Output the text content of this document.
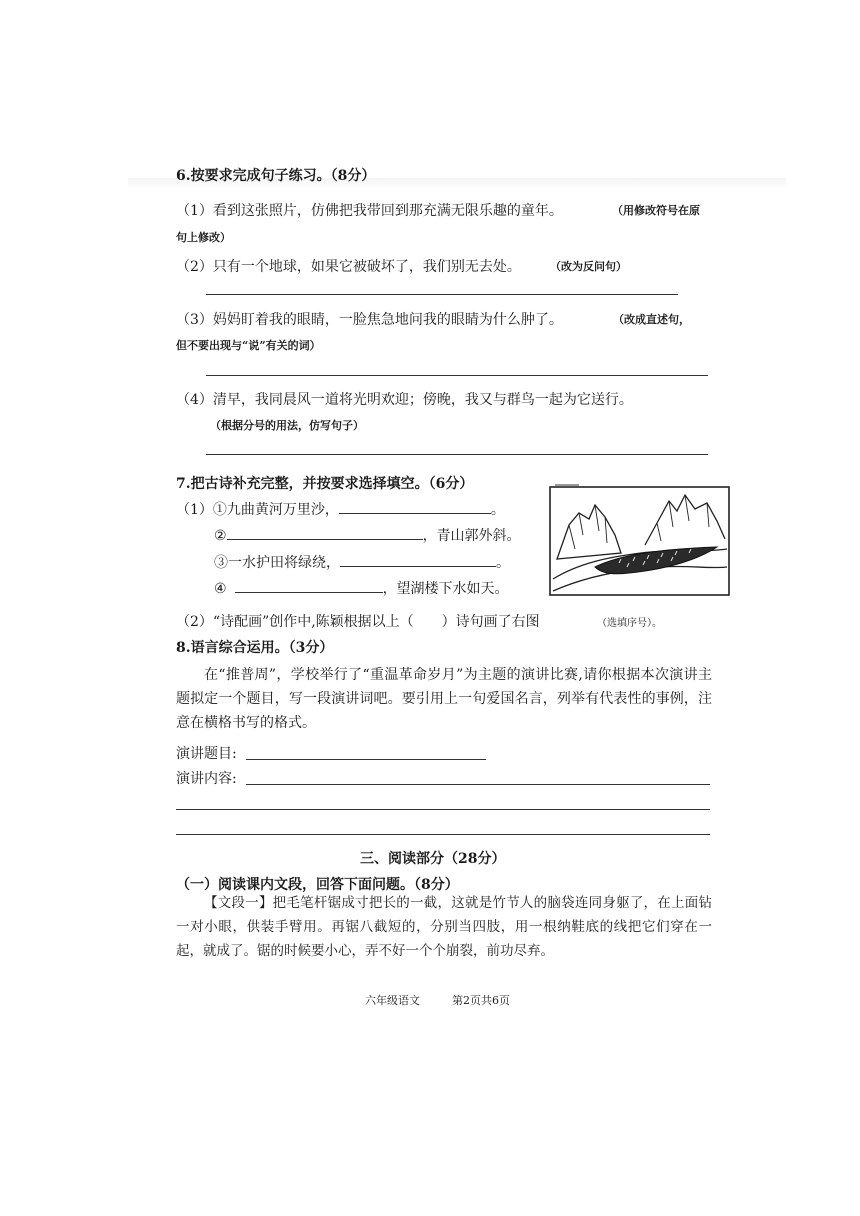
6.按要求完成句子练习。（8分）
（1）看到这张照片，仿佛把我带回到那充满无限乐趣的童年。	（用修改符号在原
句上修改）
（2）只有一个地球，如果它被破坏了，我们别无去处。	（改为反问句）
（3）妈妈盯着我的眼睛，一脸焦急地问我的眼睛为什么肿了。	（改成直述句，
但不要出现与“说”有关的词）
（4）清早，我同晨风一道将光明欢迎；傍晚，我又与群鸟一起为它送行。
（根据分号的用法，仿写句子）
7.把古诗补充完整，并按要求选择填空。（6分）
（1）①九曲黄河万里沙，	。
②	，青山郭外斜。
③一水护田将绿绕，	。
④	，望湖楼下水如天。
（2）“诗配画”创作中,陈颖根据以上（　　）诗句画了右图	（选填序号）。
8.语言综合运用。（3分）
在“推普周”，学校举行了“重温革命岁月”为主题的演讲比赛,请你根据本次演讲主题拟定一个题目，写一段演讲词吧。要引用上一句爱国名言，列举有代表性的事例，注意在横格书写的格式。
演讲题目:
演讲内容:
三、阅读部分（28分）
（一）阅读课内文段，回答下面问题。（8分）
【文段一】把毛笔杆锯成寸把长的一截，这就是竹节人的脑袋连同身躯了，在上面钻一对小眼，供装手臂用。再锯八截短的，分别当四肢，用一根纳鞋底的线把它们穿在一起，就成了。锯的时候要小心，弄不好一个个崩裂，前功尽弃。
六年级语文	第2页共6页
